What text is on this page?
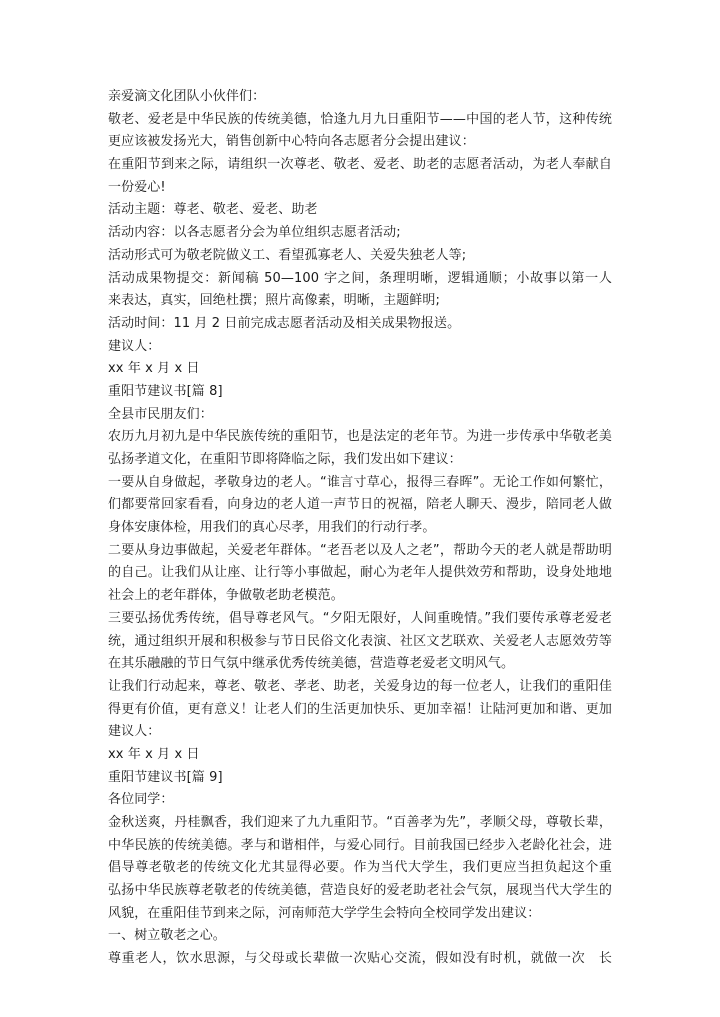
亲爱滴文化团队小伙伴们：
敬老、爱老是中华民族的传统美德，恰逢九月九日重阳节——中国的老人节，这种传统
更应该被发扬光大，销售创新中心特向各志愿者分会提出建议：
在重阳节到来之际，请组织一次尊老、敬老、爱老、助老的志愿者活动，为老人奉献自
一份爱心!
活动主题：尊老、敬老、爱老、助老
活动内容：以各志愿者分会为单位组织志愿者活动;
活动形式可为敬老院做义工、看望孤寡老人、关爱失独老人等;
活动成果物提交：新闻稿 50—100 字之间，条理明晰，逻辑通顺；小故事以第一人
来表达，真实，回绝杜撰；照片高像素，明晰，主题鲜明;
活动时间：11 月 2 日前完成志愿者活动及相关成果物报送。
建议人：
xx 年 x 月 x 日
重阳节建议书[篇 8]
全县市民朋友们：
农历九月初九是中华民族传统的重阳节，也是法定的老年节。为进一步传承中华敬老美
弘扬孝道文化，在重阳节即将降临之际，我们发出如下建议：
一要从自身做起，孝敬身边的老人。“谁言寸草心，报得三春晖”。无论工作如何繁忙，
们都要常回家看看，向身边的老人道一声节日的祝福，陪老人聊天、漫步，陪同老人做
身体安康体检，用我们的真心尽孝，用我们的行动行孝。
二要从身边事做起，关爱老年群体。“老吾老以及人之老”，帮助今天的老人就是帮助明
的自己。让我们从让座、让行等小事做起，耐心为老年人提供效劳和帮助，设身处地地
社会上的老年群体，争做敬老助老模范。
三要弘扬优秀传统，倡导尊老风气。“夕阳无限好，人间重晚情。”我们要传承尊老爱老
统，通过组织开展和积极参与节日民俗文化表演、社区文艺联欢、关爱老人志愿效劳等
在其乐融融的节日气氛中继承优秀传统美德，营造尊老爱老文明风气。
让我们行动起来，尊老、敬老、孝老、助老，关爱身边的每一位老人，让我们的重阳佳
得更有价值，更有意义！让老人们的生活更加快乐、更加幸福！让陆河更加和谐、更加
建议人：
xx 年 x 月 x 日
重阳节建议书[篇 9]
各位同学：
金秋送爽，丹桂飘香，我们迎来了九九重阳节。“百善孝为先”，孝顺父母，尊敬长辈，
中华民族的传统美德。孝与和谐相伴，与爱心同行。目前我国已经步入老龄化社会，进
倡导尊老敬老的传统文化尤其显得必要。作为当代大学生，我们更应当担负起这个重
弘扬中华民族尊老敬老的传统美德，营造良好的爱老助老社会气氛，展现当代大学生的
风貌，在重阳佳节到来之际，河南师范大学学生会特向全校同学发出建议：
一、树立敬老之心。
尊重老人，饮水思源，与父母或长辈做一次贴心交流，假如没有时机，就做一次　长
